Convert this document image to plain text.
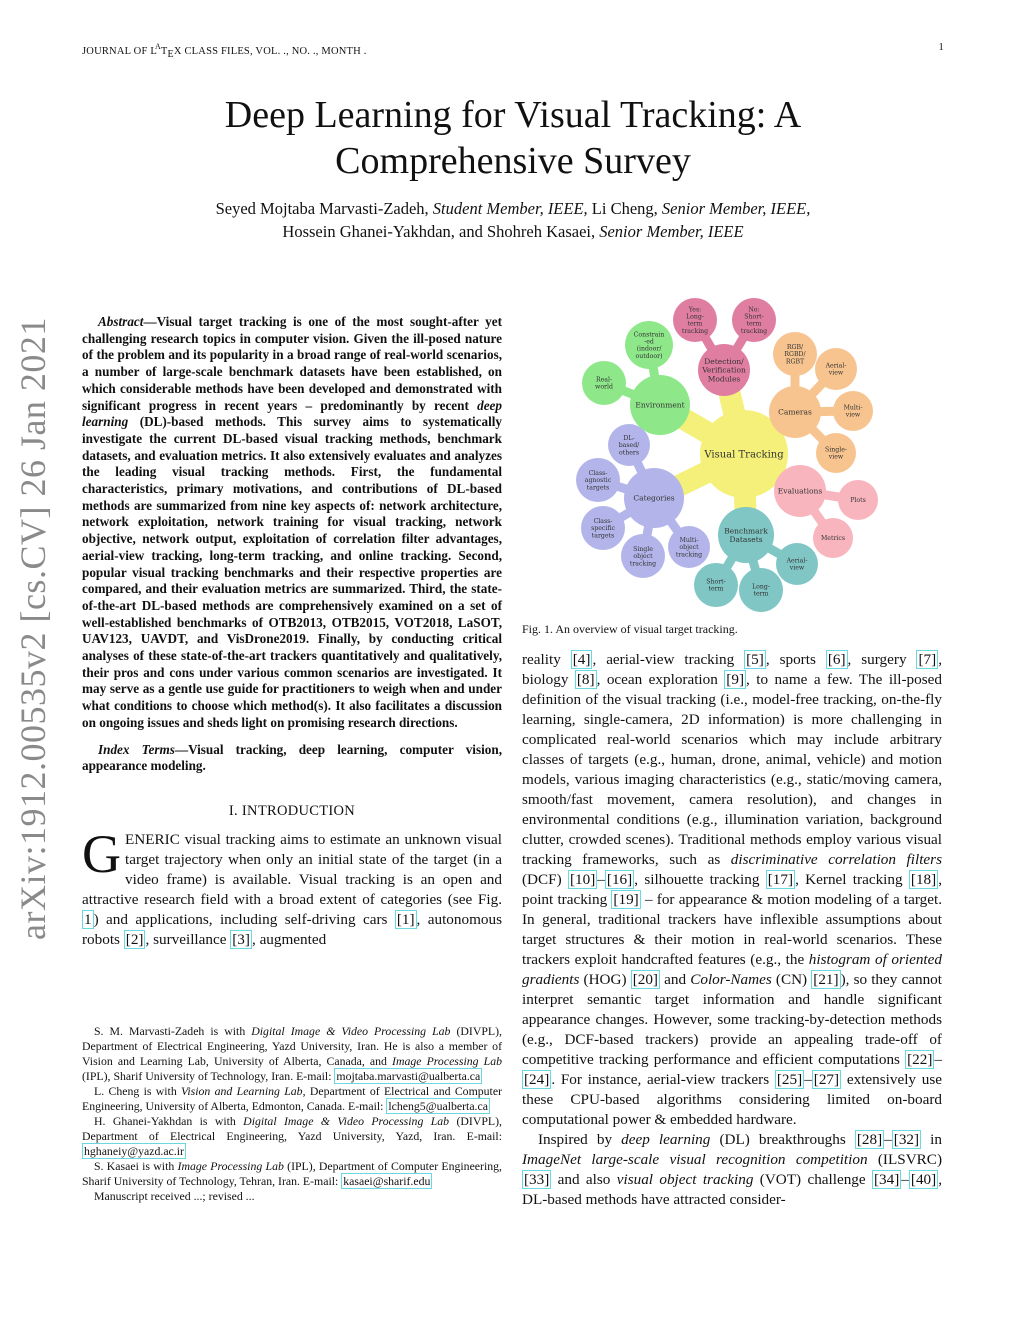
JOURNAL OF $L^AT_EX$ CLASS FILES, VOL. ., NO. ., MONTH .	1
arXiv:1912.00535v2 [cs.CV] 26 Jan 2021
Deep Learning for Visual Tracking: A
Comprehensive Survey
Seyed Mojtaba Marvasti-Zadeh, Student Member, IEEE, Li Cheng, Senior Member, IEEE,
Hossein Ghanei-Yakhdan, and Shohreh Kasaei, Senior Member, IEEE

Abstract—Visual target tracking is one of the most sought-after yet challenging research topics in computer vision. Given the ill-posed nature of the problem and its popularity in a broad range of real-world scenarios, a number of large-scale benchmark datasets have been established, on which considerable methods have been developed and demonstrated with significant progress in recent years – predominantly by recent deep learning (DL)-based methods. This survey aims to systematically investigate the current DL-based visual tracking methods, benchmark datasets, and evaluation metrics. It also extensively evaluates and analyzes the leading visual tracking methods. First, the fundamental characteristics, primary motivations, and contributions of DL-based methods are summarized from nine key aspects of: network architecture, network exploitation, network training for visual tracking, network objective, network output, exploitation of correlation filter advantages, aerial-view tracking, long-term tracking, and online tracking. Second, popular visual tracking benchmarks and their respective properties are compared, and their evaluation metrics are summarized. Third, the state-of-the-art DL-based methods are comprehensively examined on a set of well-established benchmarks of OTB2013, OTB2015, VOT2018, LaSOT, UAV123, UAVDT, and VisDrone2019. Finally, by conducting critical analyses of these state-of-the-art trackers quantitatively and qualitatively, their pros and cons under various common scenarios are investigated. It may serve as a gentle use guide for practitioners to weigh when and under what conditions to choose which method(s). It also facilitates a discussion on ongoing issues and sheds light on promising research directions.

Index Terms—Visual tracking, deep learning, computer vision, appearance modeling.

I. INTRODUCTION

GENERIC visual tracking aims to estimate an unknown visual target trajectory when only an initial state of the target (in a video frame) is available. Visual tracking is an open and attractive research field with a broad extent of categories (see Fig. 1 ) and applications, including self-driving cars [1] , autonomous robots [2] , surveillance [3] , augmented

S. M. Marvasti-Zadeh is with Digital Image & Video Processing Lab (DIVPL), Department of Electrical Engineering, Yazd University, Iran. He is also a member of Vision and Learning Lab, University of Alberta, Canada, and Image Processing Lab (IPL), Sharif University of Technology, Iran. E-mail: mojtaba.marvasti@ualberta.ca

L. Cheng is with Vision and Learning Lab, Department of Electrical and Computer Engineering, University of Alberta, Edmonton, Canada. E-mail: lcheng5@ualberta.ca

H. Ghanei-Yakhdan is with Digital Image & Video Processing Lab (DIVPL), Department of Electrical Engineering, Yazd University, Yazd, Iran. E-mail: hghaneiy@yazd.ac.ir

S. Kasaei is with Image Processing Lab (IPL), Department of Computer Engineering, Sharif University of Technology, Tehran, Iran. E-mail: kasaei@sharif.edu

Manuscript received ...; revised ...

Visual Tracking
Environment
Detection/ Verification Modules
Cameras
Evaluations
Benchmark Datasets
Categories
Real-world
Constrain -ed (indoor/ outdoor)
Yes: Long-term tracking
No: Short-term tracking
RGB/ RGBD/ RGBT
Aerial-view
Multi-view
Single-view
Plots
Metrics
Aerial-view
Long-term
Short-term
DL-based/ others
Class-agnostic targets
Class-specific targets
Single object tracking
Multi-object tracking
Fig. 1. An overview of visual target tracking.

reality [4] , aerial-view tracking [5] , sports [6] , surgery [7] , biology [8] , ocean exploration [9] , to name a few. The ill-posed definition of the visual tracking (i.e., model-free tracking, on-the-fly learning, single-camera, 2D information) is more challenging in complicated real-world scenarios which may include arbitrary classes of targets (e.g., human, drone, animal, vehicle) and motion models, various imaging characteristics (e.g., static/moving camera, smooth/fast movement, camera resolution), and changes in environmental conditions (e.g., illumination variation, background clutter, crowded scenes). Traditional methods employ various visual tracking frameworks, such as discriminative correlation filters (DCF) [10] – [16] , silhouette tracking [17] , Kernel tracking [18] , point tracking [19] – for appearance & motion modeling of a target. In general, traditional trackers have inflexible assumptions about target structures & their motion in real-world scenarios. These trackers exploit handcrafted features (e.g., the histogram of oriented gradients (HOG) [20] and Color-Names (CN) [21] ), so they cannot interpret semantic target information and handle significant appearance changes. However, some tracking-by-detection methods (e.g., DCF-based trackers) provide an appealing trade-off of competitive tracking performance and efficient computations [22] –[24] . For instance, aerial-view trackers [25] – [27] extensively use these CPU-based algorithms considering limited on-board computational power & embedded hardware.

Inspired by deep learning (DL) breakthroughs [28] – [32] in ImageNet large-scale visual recognition competition (ILSVRC) [33] and also visual object tracking (VOT) challenge [34] – [40] , DL-based methods have attracted consider-
